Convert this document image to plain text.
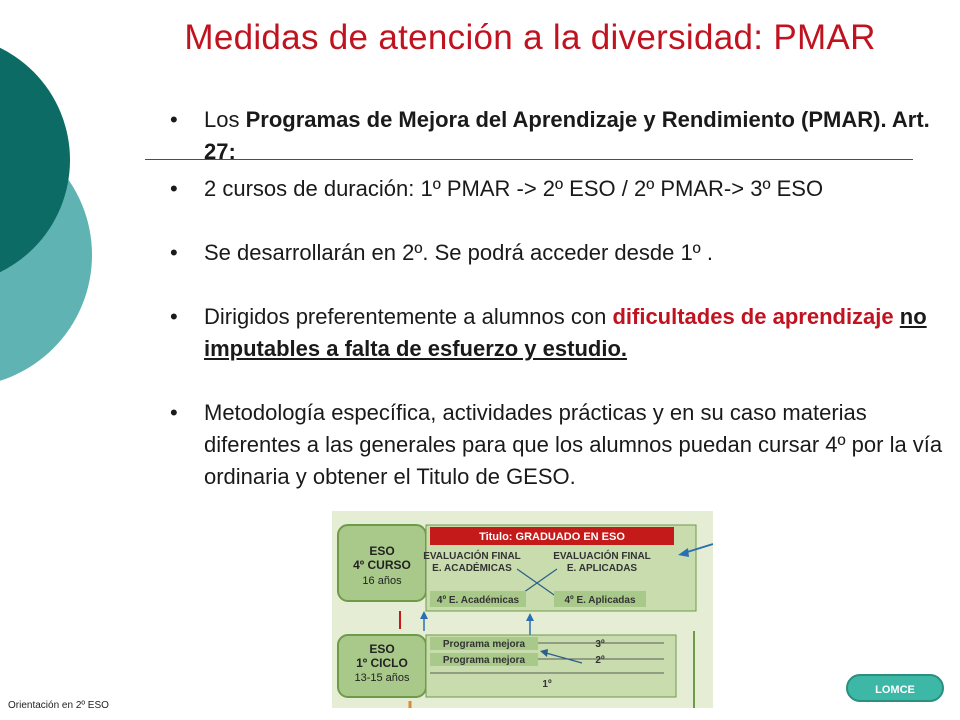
Medidas de atención a la diversidad: PMAR
• Los Programas de Mejora del Aprendizaje y Rendimiento (PMAR). Art. 27:
• 2 cursos de duración: 1º PMAR -> 2º ESO / 2º PMAR-> 3º ESO
• Se desarrollarán en 2º. Se podrá acceder desde 1º .
• Dirigidos preferentemente a alumnos con dificultades de aprendizaje no imputables a falta de esfuerzo y estudio.
• Metodología específica, actividades prácticas y en su caso materias diferentes a las generales para que los alumnos puedan cursar 4º por la vía ordinaria y obtener el Titulo de GESO.
ESO
4º CURSO
16 años
Titulo: GRADUADO EN ESO
EVALUACIÓN FINAL
E. ACADÉMICAS
EVALUACIÓN FINAL
E. APLICADAS
4º E. Académicas	4º E. Aplicadas
ESO
1º CICLO
13-15 años
Programa mejora
Programa mejora
3º
2º
1º
Orientación en 2º ESO
LOMCE
